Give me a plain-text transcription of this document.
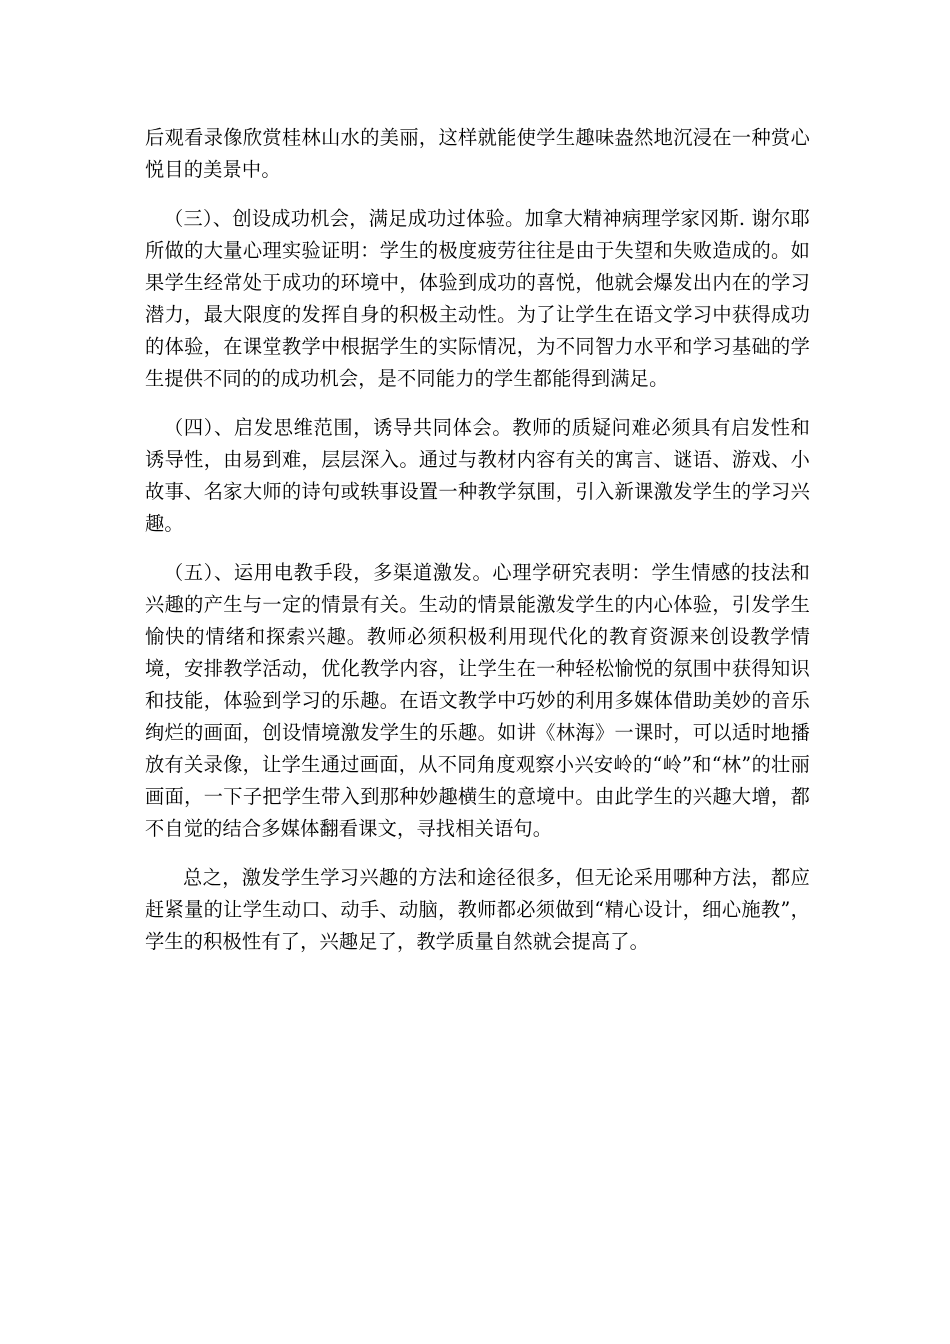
后观看录像欣赏桂林山水的美丽，这样就能使学生趣味盎然地沉浸在一种赏心悦目的美景中。

（三）、创设成功机会，满足成功过体验。加拿大精神病理学家冈斯. 谢尔耶所做的大量心理实验证明：学生的极度疲劳往往是由于失望和失败造成的。如果学生经常处于成功的环境中，体验到成功的喜悦，他就会爆发出内在的学习潜力，最大限度的发挥自身的积极主动性。为了让学生在语文学习中获得成功的体验，在课堂教学中根据学生的实际情况，为不同智力水平和学习基础的学生提供不同的的成功机会，是不同能力的学生都能得到满足。

（四）、启发思维范围，诱导共同体会。教师的质疑问难必须具有启发性和诱导性，由易到难，层层深入。通过与教材内容有关的寓言、谜语、游戏、小故事、名家大师的诗句或轶事设置一种教学氛围，引入新课激发学生的学习兴趣。

（五）、运用电教手段，多渠道激发。心理学研究表明：学生情感的技法和兴趣的产生与一定的情景有关。生动的情景能激发学生的内心体验，引发学生愉快的情绪和探索兴趣。教师必须积极利用现代化的教育资源来创设教学情境，安排教学活动，优化教学内容，让学生在一种轻松愉悦的氛围中获得知识和技能，体验到学习的乐趣。在语文教学中巧妙的利用多媒体借助美妙的音乐绚烂的画面，创设情境激发学生的乐趣。如讲《林海》一课时，可以适时地播放有关录像，让学生通过画面，从不同角度观察小兴安岭的“岭”和“林”的壮丽画面，一下子把学生带入到那种妙趣横生的意境中。由此学生的兴趣大增，都不自觉的结合多媒体翻看课文，寻找相关语句。

总之，激发学生学习兴趣的方法和途径很多，但无论采用哪种方法，都应赶紧量的让学生动口、动手、动脑，教师都必须做到“精心设计，细心施教”，学生的积极性有了，兴趣足了，教学质量自然就会提高了。
